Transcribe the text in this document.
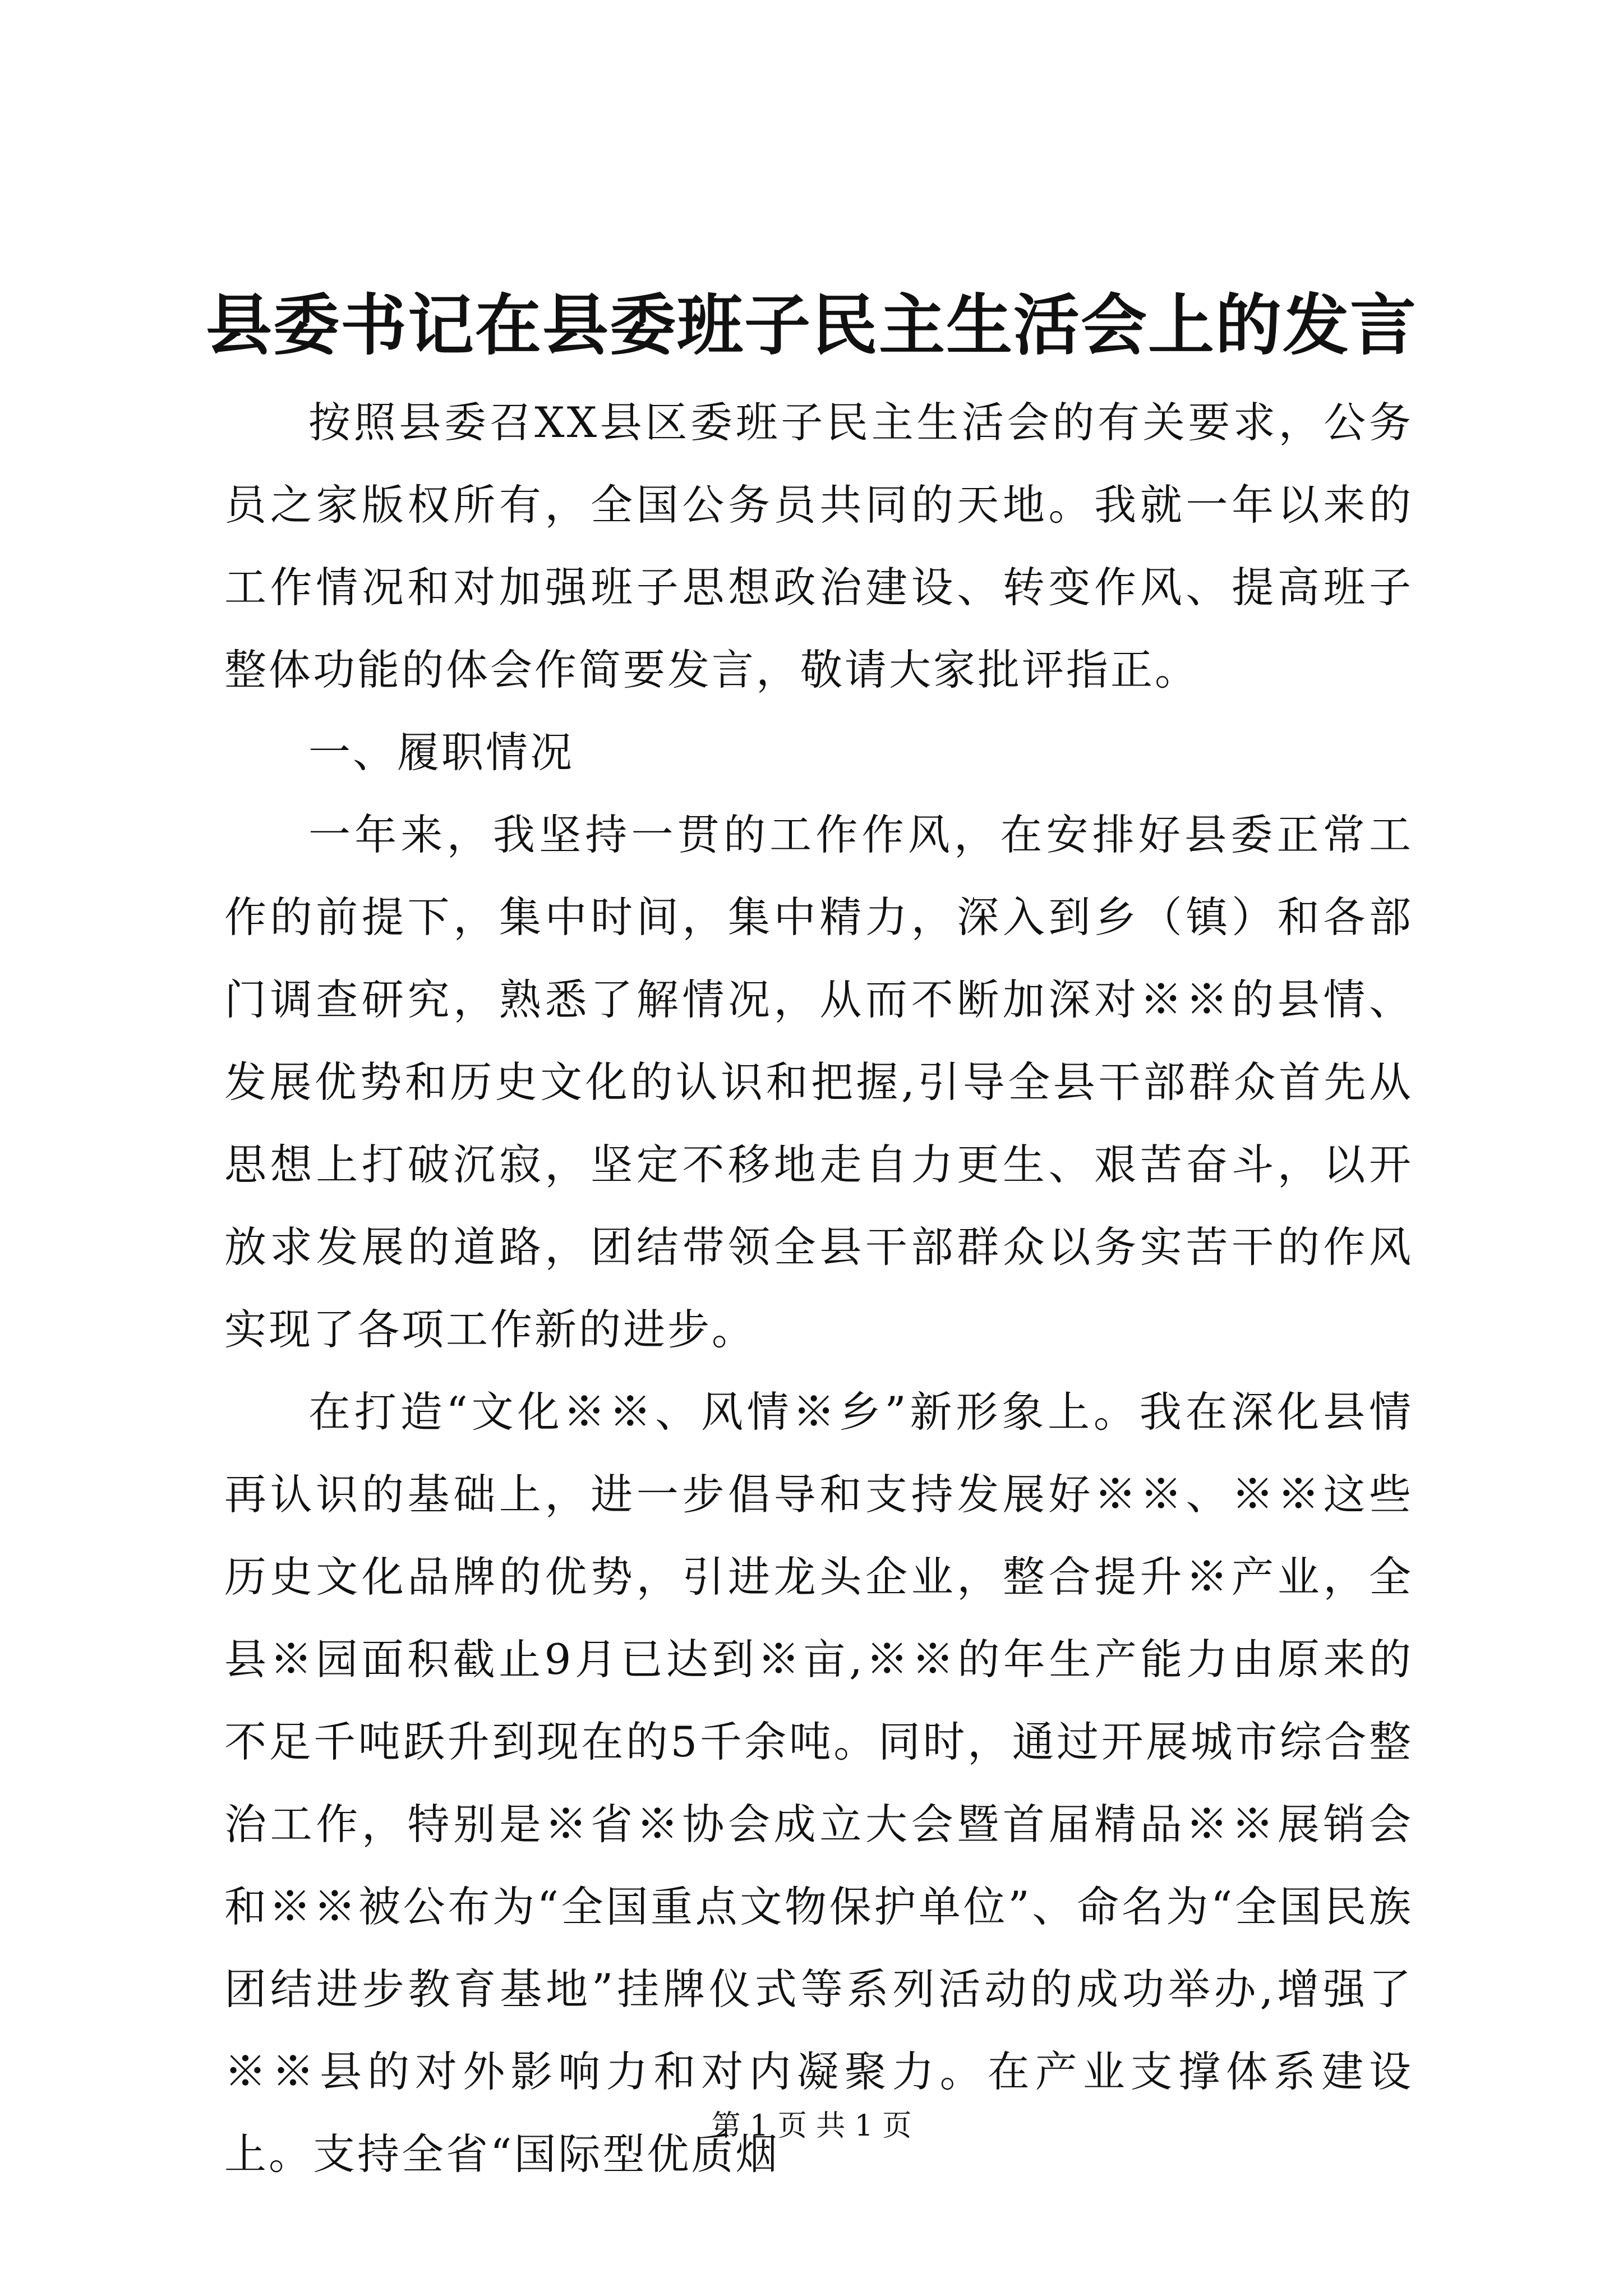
县委书记在县委班子民主生活会上的发言

按照县委召XX县区委班子民主生活会的有关要求，公务员之家版权所有，全国公务员共同的天地。我就一年以来的工作情况和对加强班子思想政治建设、转变作风、提高班子整体功能的体会作简要发言，敬请大家批评指正。

一、履职情况

一年来，我坚持一贯的工作作风，在安排好县委正常工作的前提下，集中时间，集中精力，深入到乡（镇）和各部门调查研究，熟悉了解情况，从而不断加深对※※的县情、发展优势和历史文化的认识和把握,引导全县干部群众首先从思想上打破沉寂，坚定不移地走自力更生、艰苦奋斗，以开放求发展的道路，团结带领全县干部群众以务实苦干的作风实现了各项工作新的进步。

在打造“文化※※、风情※乡”新形象上。我在深化县情再认识的基础上，进一步倡导和支持发展好※※、※※这些历史文化品牌的优势，引进龙头企业，整合提升※产业，全县※园面积截止9月已达到※亩,※※的年生产能力由原来的不足千吨跃升到现在的5千余吨。同时，通过开展城市综合整治工作，特别是※省※协会成立大会暨首届精品※※展销会和※※被公布为“全国重点文物保护单位”、命名为“全国民族团结进步教育基地”挂牌仪式等系列活动的成功举办,增强了※※县的对外影响力和对内凝聚力。在产业支撑体系建设上。支持全省“国际型优质烟

第 1 页 共 1 页
